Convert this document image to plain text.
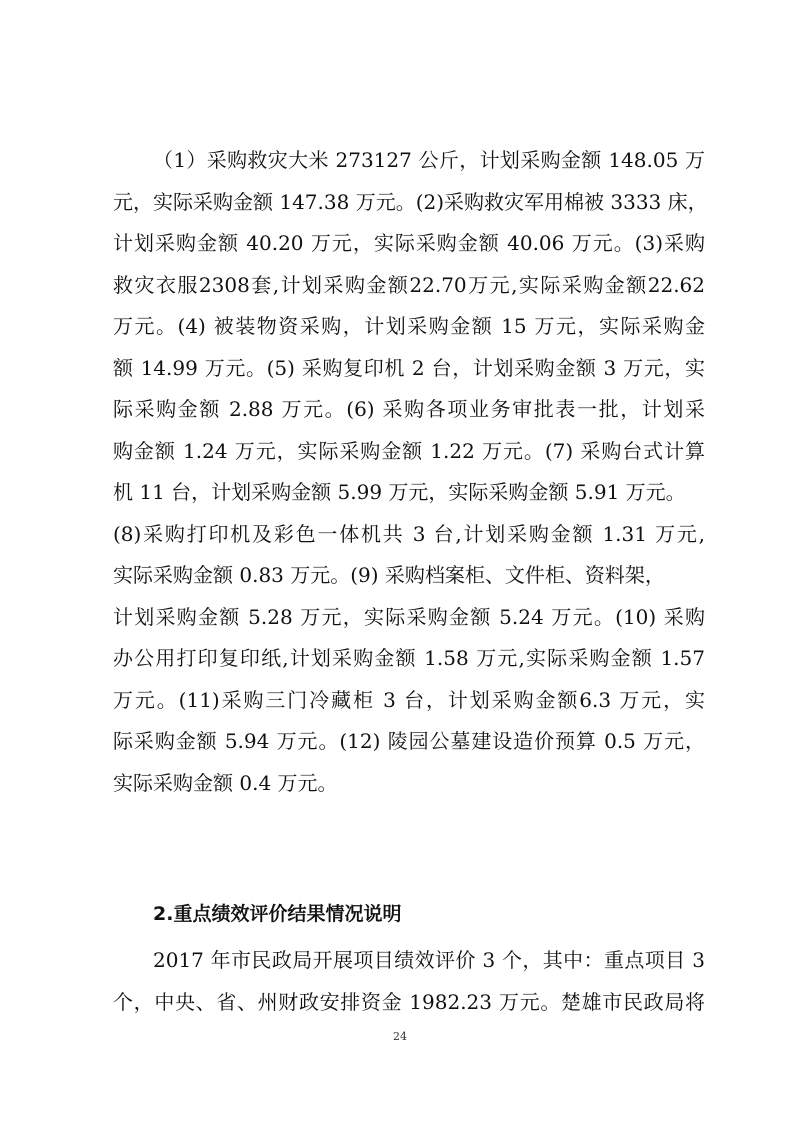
（1）采购救灾大米 273127 公斤，计划采购金额 148.05 万
元，实际采购金额 147.38 万元。(2)采购救灾军用棉被 3333 床，
计划采购金额 40.20 万元，实际采购金额 40.06 万元。(3)采购
救灾衣服2308套,计划采购金额22.70万元,实际采购金额22.62
万元。(4) 被装物资采购，计划采购金额 15 万元，实际采购金
额 14.99 万元。(5) 采购复印机 2 台，计划采购金额 3 万元，实
际采购金额 2.88 万元。(6) 采购各项业务审批表一批，计划采
购金额 1.24 万元，实际采购金额 1.22 万元。(7) 采购台式计算
机 11 台，计划采购金额 5.99 万元，实际采购金额 5.91 万元。
(8)采购打印机及彩色一体机共 3 台,计划采购金额 1.31 万元,
实际采购金额 0.83 万元。(9) 采购档案柜、文件柜、资料架，
计划采购金额 5.28 万元，实际采购金额 5.24 万元。(10) 采购
办公用打印复印纸,计划采购金额 1.58 万元,实际采购金额 1.57
万元。(11)采购三门冷藏柜 3 台，计划采购金额6.3 万元，实
际采购金额 5.94 万元。(12) 陵园公墓建设造价预算 0.5 万元，
实际采购金额 0.4 万元。
2.重点绩效评价结果情况说明
2017 年市民政局开展项目绩效评价 3 个，其中：重点项目 3
个，中央、省、州财政安排资金 1982.23 万元。楚雄市民政局将
24
